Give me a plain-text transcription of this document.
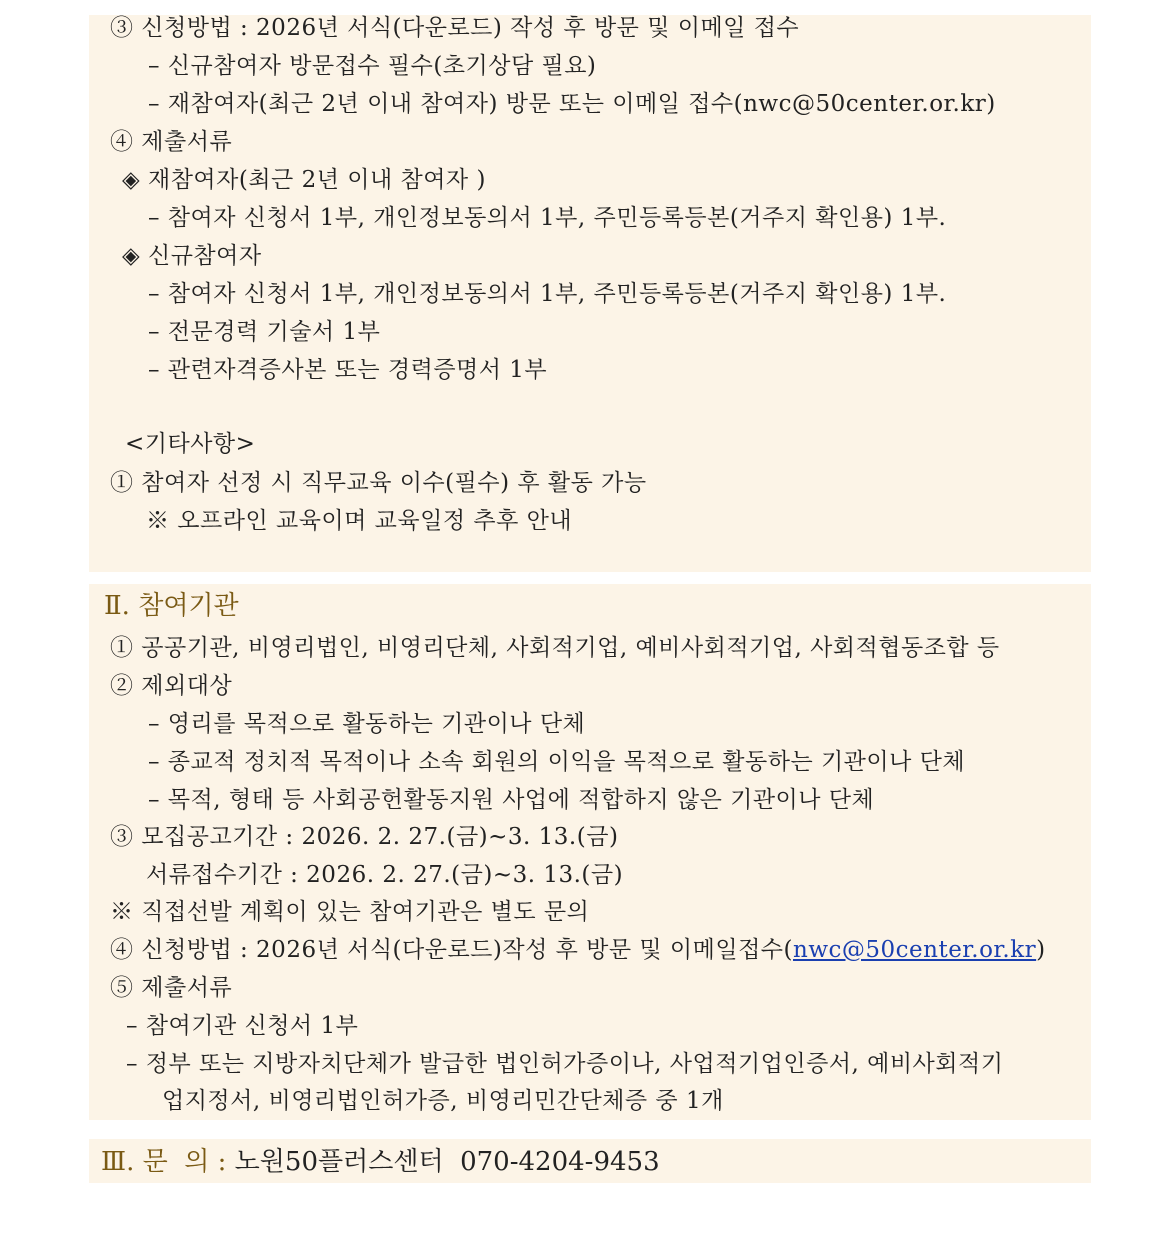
③ 신청방법 : 2026년 서식(다운로드) 작성 후 방문 및 이메일 접수
– 신규참여자 방문접수 필수(초기상담 필요)
– 재참여자(최근 2년 이내 참여자) 방문 또는 이메일 접수(nwc@50center.or.kr)
④ 제출서류
◈ 재참여자(최근 2년 이내 참여자 )
– 참여자 신청서 1부, 개인정보동의서 1부, 주민등록등본(거주지 확인용) 1부.
◈ 신규참여자
– 참여자 신청서 1부, 개인정보동의서 1부, 주민등록등본(거주지 확인용) 1부.
– 전문경력 기술서 1부
– 관련자격증사본 또는 경력증명서 1부
<기타사항>
① 참여자 선정 시 직무교육 이수(필수) 후 활동 가능
※ 오프라인 교육이며 교육일정 추후 안내
Ⅱ. 참여기관
① 공공기관, 비영리법인, 비영리단체, 사회적기업, 예비사회적기업, 사회적협동조합 등
② 제외대상
– 영리를 목적으로 활동하는 기관이나 단체
– 종교적 정치적 목적이나 소속 회원의 이익을 목적으로 활동하는 기관이나 단체
– 목적, 형태 등 사회공헌활동지원 사업에 적합하지 않은 기관이나 단체
③ 모집공고기간 : 2026. 2. 27.(금)~3. 13.(금)
서류접수기간 : 2026. 2. 27.(금)~3. 13.(금)
※ 직접선발 계획이 있는 참여기관은 별도 문의
④ 신청방법 : 2026년 서식(다운로드)작성 후 방문 및 이메일접수(nwc@50center.or.kr)
⑤ 제출서류
– 참여기관 신청서 1부
– 정부 또는 지방자치단체가 발급한 법인허가증이나, 사업적기업인증서, 예비사회적기
업지정서, 비영리법인허가증, 비영리민간단체증 중 1개
Ⅲ. 문  의 : 노원50플러스센터  070-4204-9453
